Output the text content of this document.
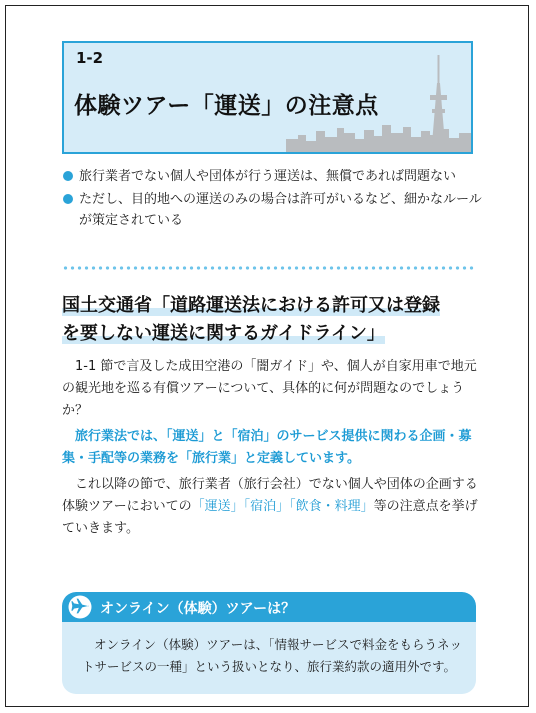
1-2
体験ツアー「運送」の注意点
旅行業者でない個人や団体が行う運送は、無償であれば問題ない
ただし、目的地への運送のみの場合は許可がいるなど、細かなルールが策定されている
国土交通省「道路運送法における許可又は登録
を要しない運送に関するガイドライン」

1-1 節で言及した成田空港の「闇ガイド」や、個人が自家用車で地元の観光地を巡る有償ツアーについて、具体的に何が問題なのでしょうか？

旅行業法では、「運送」と「宿泊」のサービス提供に関わる企画・募集・手配等の業務を「旅行業」と定義しています。

これ以降の節で、旅行業者（旅行会社）でない個人や団体の企画する体験ツアーにおいての「運送」「宿泊」「飲食・料理」等の注意点を挙げていきます。

オンライン（体験）ツアーは？
オンライン（体験）ツアーは、「情報サービスで料金をもらうネットサービスの一種」という扱いとなり、旅行業約款の適用外です。
